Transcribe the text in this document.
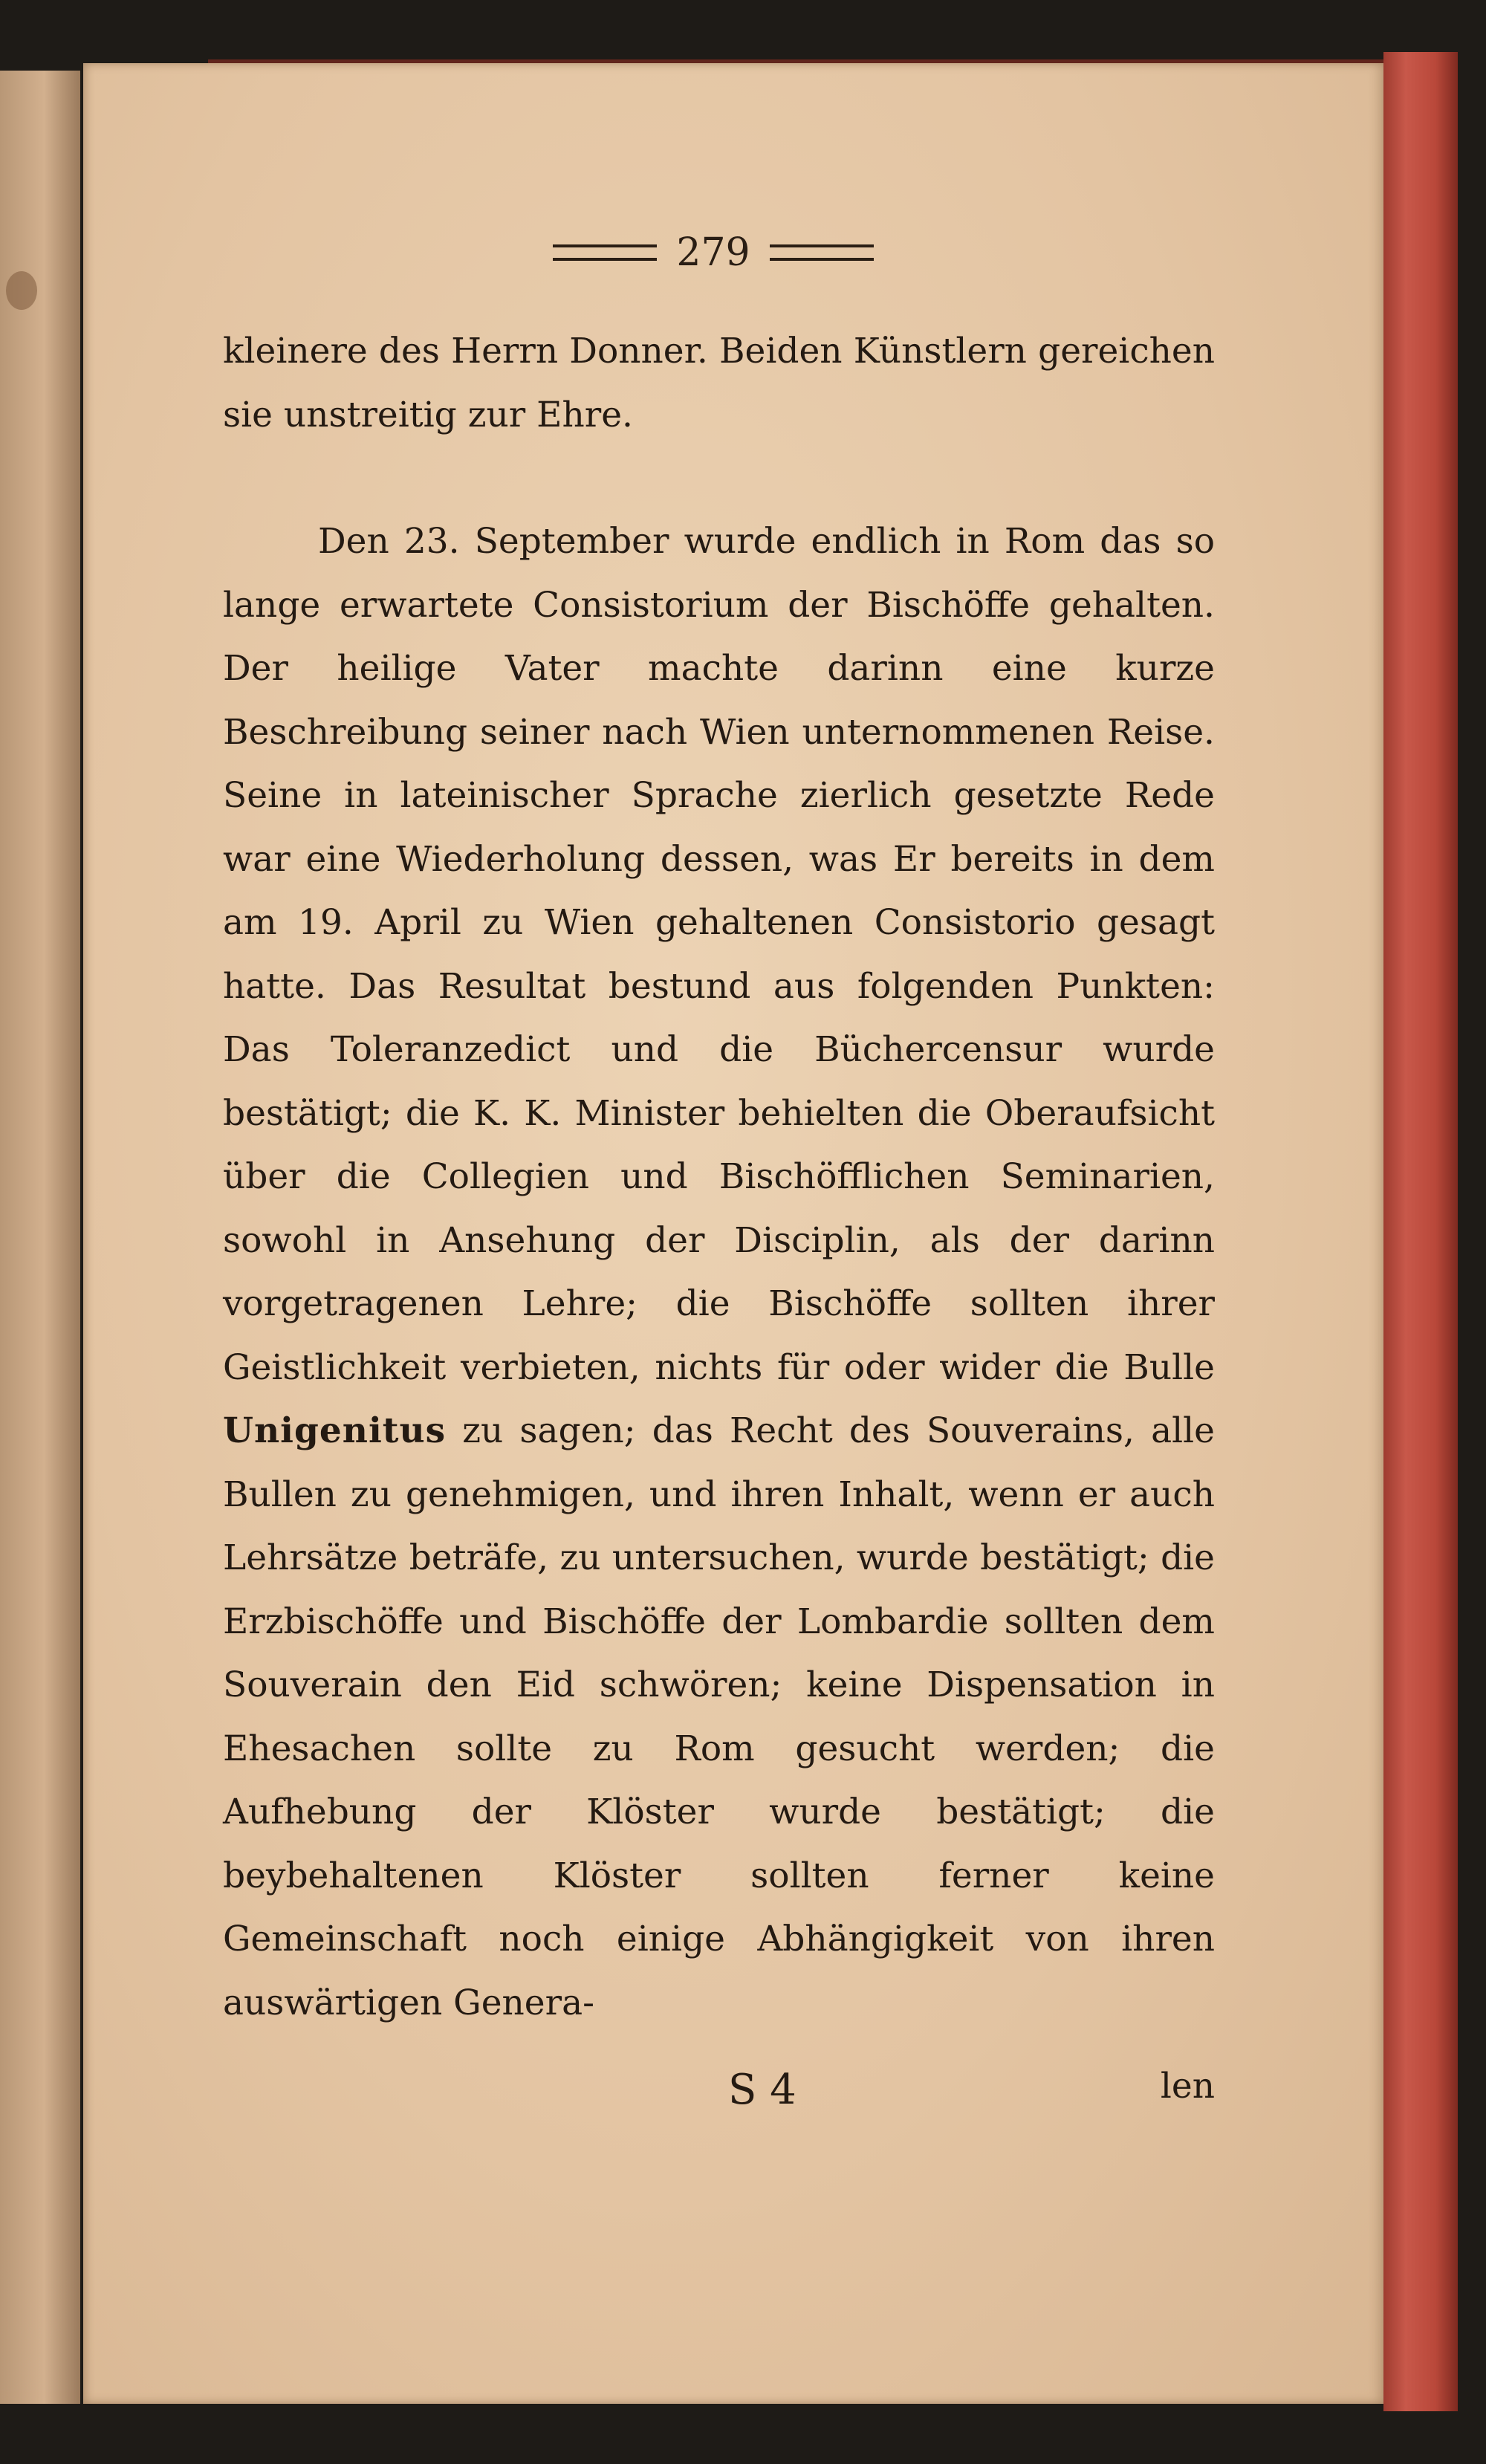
279

kleinere des Herrn Donner. Beiden Künstlern gereichen sie unstreitig zur Ehre.

Den 23. September wurde endlich in Rom das so lange erwartete Consistorium der Bischöffe gehalten. Der heilige Vater machte darinn eine kurze Beschreibung seiner nach Wien unternommenen Reise. Seine in lateinischer Sprache zierlich gesetzte Rede war eine Wiederholung dessen, was Er bereits in dem am 19. April zu Wien gehaltenen Consistorio gesagt hatte. Das Resultat bestund aus folgenden Punkten: Das Toleranzedict und die Büchercensur wurde bestätigt; die K. K. Minister behielten die Oberaufsicht über die Collegien und Bischöfflichen Seminarien, sowohl in Ansehung der Disciplin, als der darinn vorgetragenen Lehre; die Bischöffe sollten ihrer Geistlichkeit verbieten, nichts für oder wider die Bulle Unigenitus zu sagen; das Recht des Souverains, alle Bullen zu genehmigen, und ihren Inhalt, wenn er auch Lehrsätze beträfe, zu untersuchen, wurde bestätigt; die Erzbischöffe und Bischöffe der Lombardie sollten dem Souverain den Eid schwören; keine Dispensation in Ehesachen sollte zu Rom gesucht werden; die Aufhebung der Klöster wurde bestätigt; die beybehaltenen Klöster sollten ferner keine Gemeinschaft noch einige Abhängigkeit von ihren auswärtigen Genera-

S 4	len
